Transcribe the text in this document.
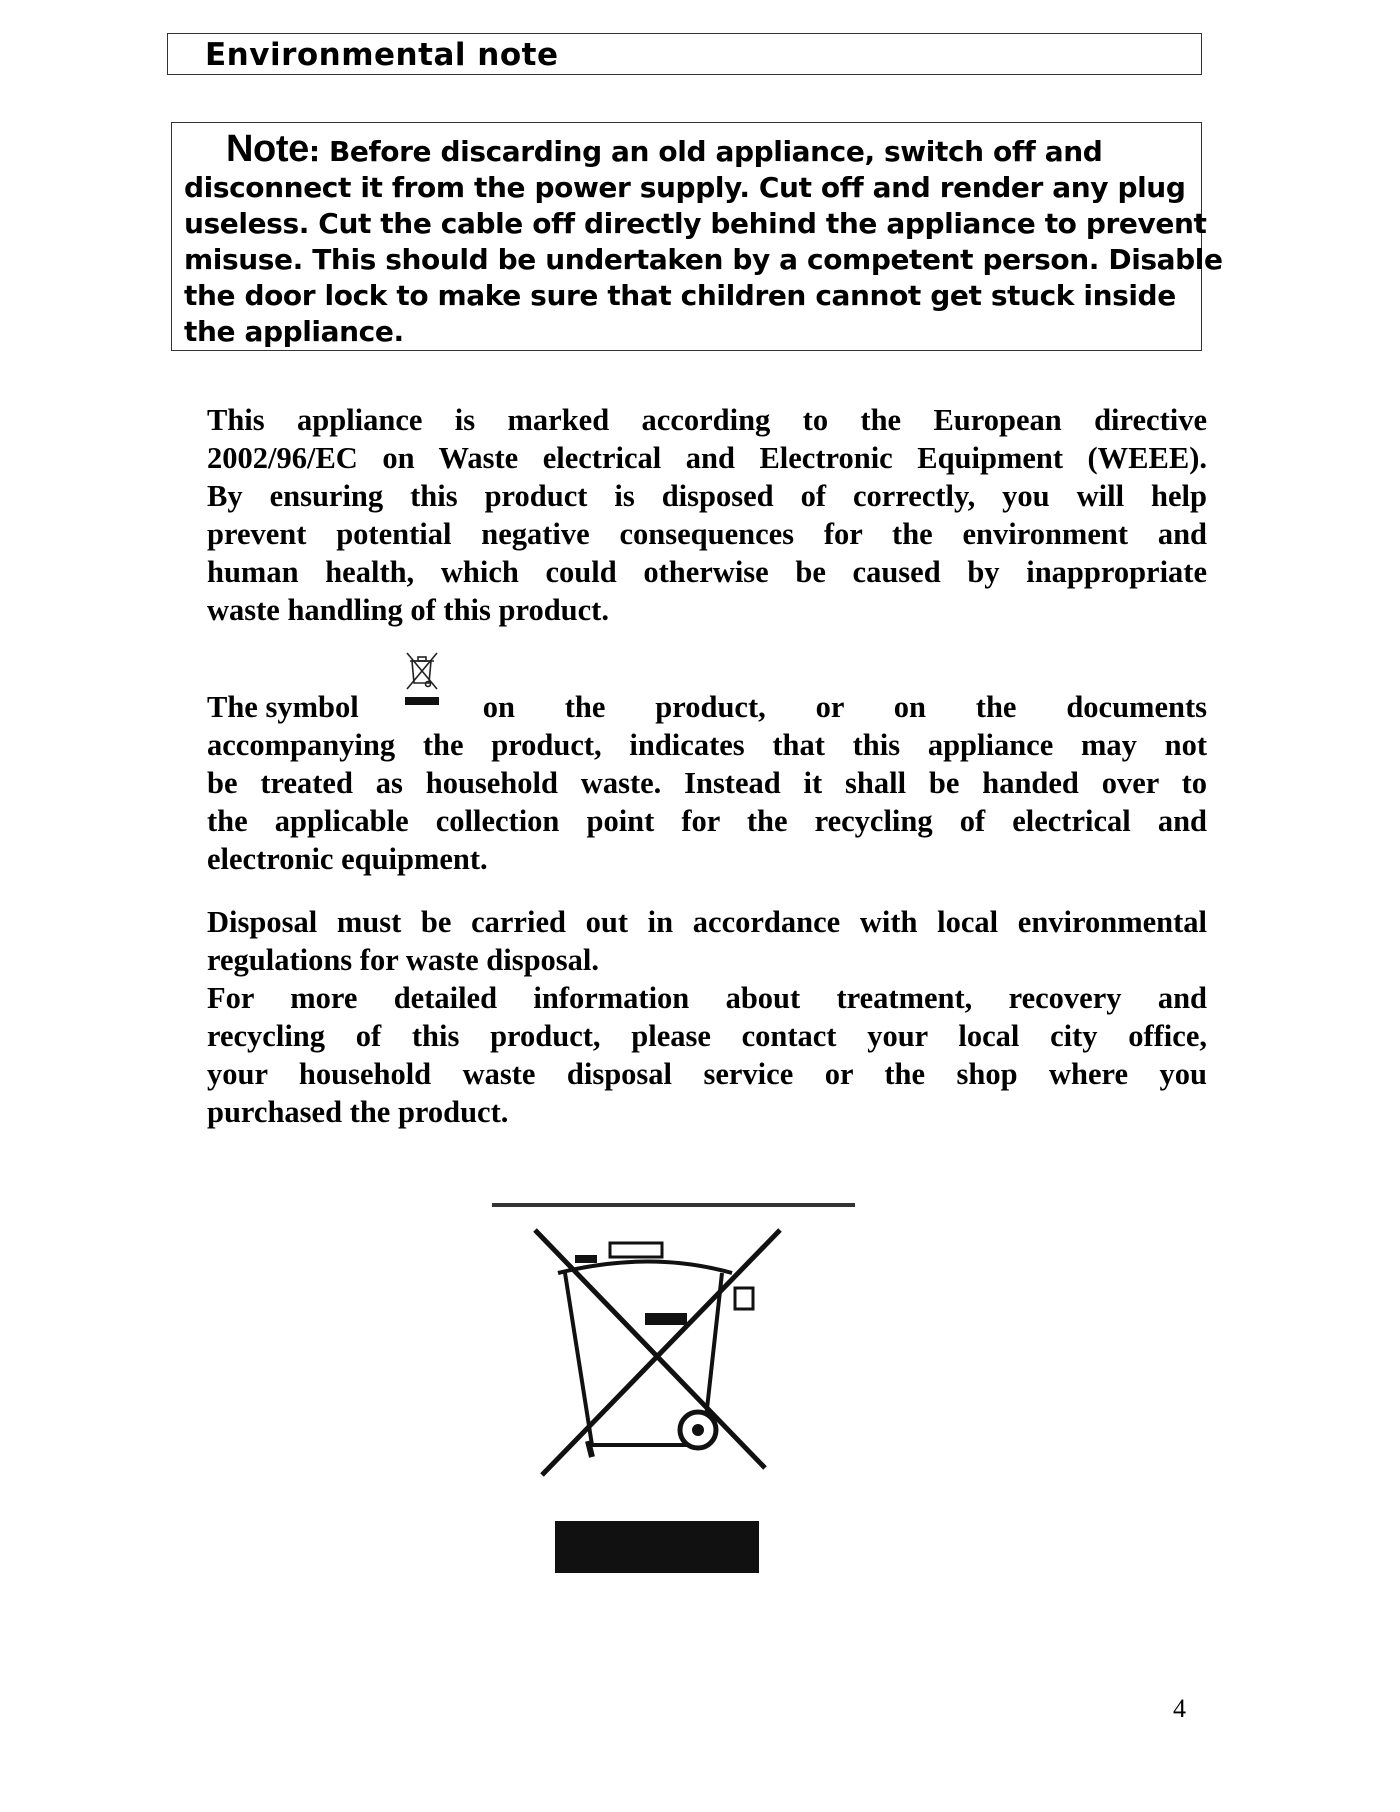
Environmental note
Note: Before discarding an old appliance, switch off and
disconnect it from the power supply. Cut off and render any plug
useless. Cut the cable off directly behind the appliance to prevent
misuse. This should be undertaken by a competent person. Disable
the door lock to make sure that children cannot get stuck inside
the appliance.
This appliance is marked according to the European directive
2002/96/EC on Waste electrical and Electronic Equipment (WEEE).
By ensuring this product is disposed of correctly, you will help
prevent potential negative consequences for the environment and
human health, which could otherwise be caused by inappropriate
waste handling of this product.
The symbol	on the product, or on the documents
accompanying the product, indicates that this appliance may not
be treated as household waste. Instead it shall be handed over to
the applicable collection point for the recycling of electrical and
electronic equipment.
Disposal must be carried out in accordance with local environmental
regulations for waste disposal.
For more detailed information about treatment, recovery and
recycling of this product, please contact your local city office,
your household waste disposal service or the shop where you
purchased the product.
4
